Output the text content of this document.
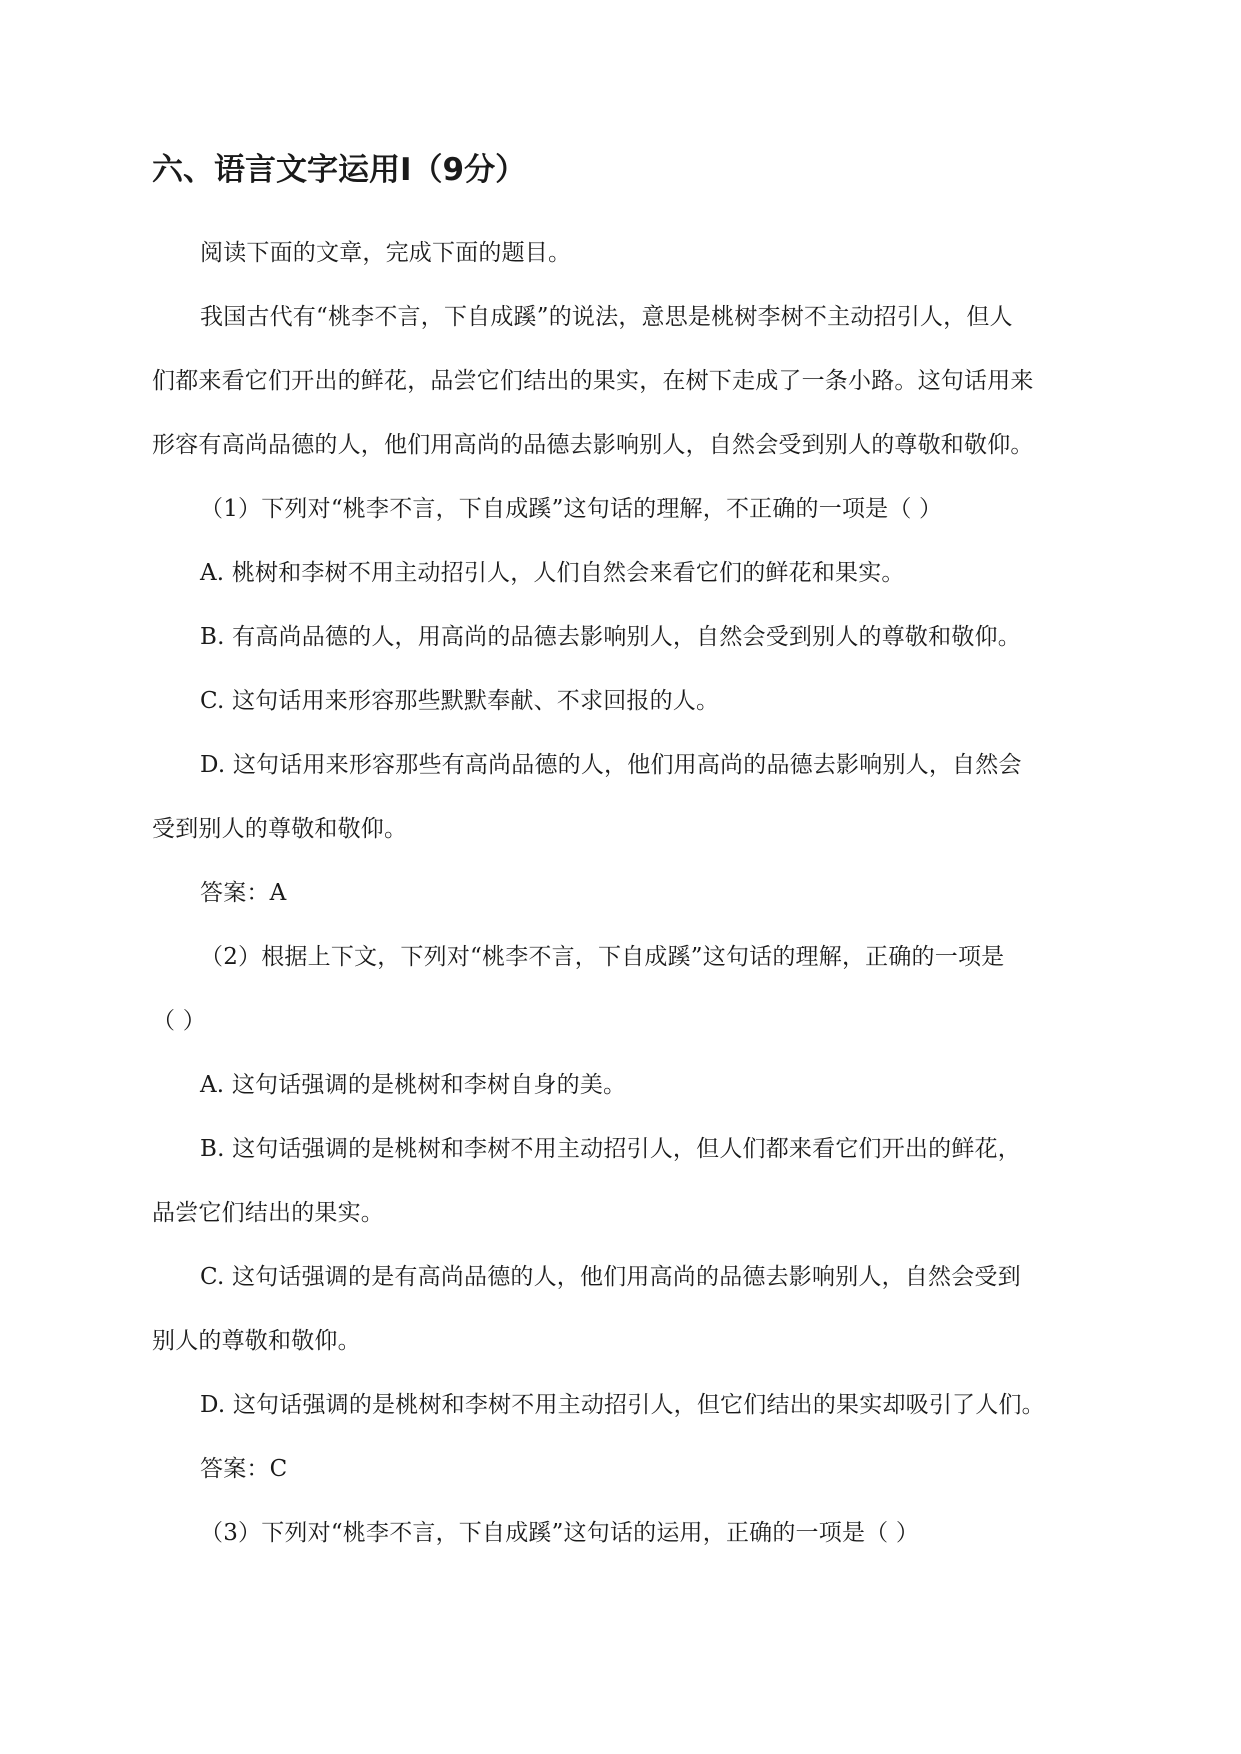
六、语言文字运用Ⅰ（9分）

阅读下面的文章，完成下面的题目。

我国古代有“桃李不言，下自成蹊”的说法，意思是桃树李树不主动招引人，但人

们都来看它们开出的鲜花，品尝它们结出的果实，在树下走成了一条小路。这句话用来

形容有高尚品德的人，他们用高尚的品德去影响别人，自然会受到别人的尊敬和敬仰。

（1）下列对“桃李不言，下自成蹊”这句话的理解，不正确的一项是（ ）

A. 桃树和李树不用主动招引人，人们自然会来看它们的鲜花和果实。

B. 有高尚品德的人，用高尚的品德去影响别人，自然会受到别人的尊敬和敬仰。

C. 这句话用来形容那些默默奉献、不求回报的人。

D. 这句话用来形容那些有高尚品德的人，他们用高尚的品德去影响别人，自然会

受到别人的尊敬和敬仰。

答案：A

（2）根据上下文，下列对“桃李不言，下自成蹊”这句话的理解，正确的一项是

（ ）

A. 这句话强调的是桃树和李树自身的美。

B. 这句话强调的是桃树和李树不用主动招引人，但人们都来看它们开出的鲜花，

品尝它们结出的果实。

C. 这句话强调的是有高尚品德的人，他们用高尚的品德去影响别人，自然会受到

别人的尊敬和敬仰。

D. 这句话强调的是桃树和李树不用主动招引人，但它们结出的果实却吸引了人们。

答案：C

（3）下列对“桃李不言，下自成蹊”这句话的运用，正确的一项是（ ）
